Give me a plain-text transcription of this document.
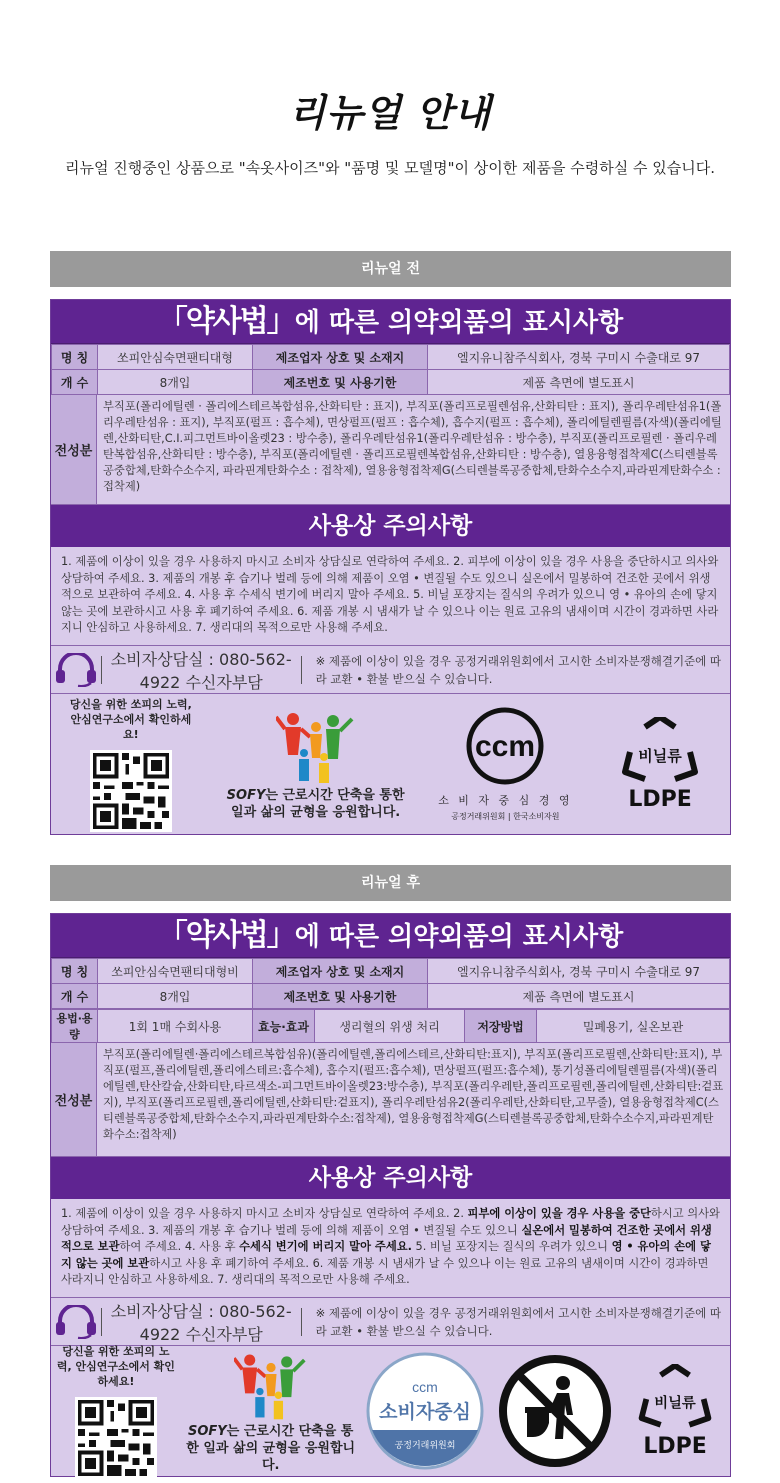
리뉴얼 안내
리뉴얼 진행중인 상품으로 "속옷사이즈"와 "품명 및 모델명"이 상이한 제품을 수령하실 수 있습니다.
리뉴얼 전
「약사법」에 따른 의약외품의 표시사항
명 칭	쏘피안심숙면팬티대형	제조업자 상호 및 소재지	엘지유니참주식회사, 경북 구미시 수출대로 97
개 수	8개입	제조번호 및 사용기한	제품 측면에 별도표시
전성분
부직포(폴리에틸렌 · 폴리에스테르복합섬유,산화티탄 : 표지), 부직포(폴리프로필렌섬유,산화티탄 : 표지), 폴리우레탄섬유1(폴리우레탄섬유 : 표지), 부직포(펄프 : 흡수체), 면상펄프(펄프 : 흡수체), 흡수지(펄프 : 흡수체), 폴리에틸렌필름(자색)(폴리에틸렌,산화티탄,C.I.피그먼트바이올렛23 : 방수층), 폴리우레탄섬유1(폴리우레탄섬유 : 방수층), 부직포(폴리프로필렌 · 폴리우레탄복합섬유,산화티탄 : 방수층), 부직포(폴리에틸렌 · 폴리프로필렌복합섬유,산화티탄 : 방수층), 열용융형접착제C(스티렌블록공중합체,탄화수소수지, 파라핀계탄화수소 : 접착제), 열용융형접착제G(스티렌블록공중합체,탄화수소수지,파라핀계탄화수소 : 접착제)
사용상 주의사항
1. 제품에 이상이 있을 경우 사용하지 마시고 소비자 상담실로 연락하여 주세요. 2. 피부에 이상이 있을 경우 사용을 중단하시고 의사와 상담하여 주세요. 3. 제품의 개봉 후 습기나 벌레 등에 의해 제품이 오염 • 변질될 수도 있으니 실온에서 밀봉하여 건조한 곳에서 위생적으로 보관하여 주세요. 4. 사용 후 수세식 변기에 버리지 말아 주세요. 5. 비닐 포장지는 질식의 우려가 있으니 영 • 유아의 손에 닿지 않는 곳에 보관하시고 사용 후 폐기하여 주세요. 6. 제품 개봉 시 냄새가 날 수 있으나 이는 원료 고유의 냄새이며 시간이 경과하면 사라지니 안심하고 사용하세요. 7. 생리대의 목적으로만 사용해 주세요.
소비자상담실 : 080-562-4922 수신자부담
※ 제품에 이상이 있을 경우 공정거래위원회에서 고시한 소비자분쟁해결기준에 따라 교환 • 환불 받으실 수 있습니다.
당신을 위한 쏘피의 노력, 안심연구소에서 확인하세요!
SOFY는 근로시간 단축을 통한 일과 삶의 균형을 응원합니다.
ccm
소 비 자 중 심 경 영
공정거래위원회 | 한국소비자원
비닐류
LDPE
리뉴얼 후
「약사법」에 따른 의약외품의 표시사항
명 칭	쏘피안심숙면팬티대형비	제조업자 상호 및 소재지	엘지유니참주식회사, 경북 구미시 수출대로 97
개 수	8개입	제조번호 및 사용기한	제품 측면에 별도표시
용법·용량	1회 1매 수회사용	효능·효과	생리혈의 위생 처리	저장방법	밀폐용기, 실온보관
전성분
부직포(폴리에틸렌·폴리에스테르복합섬유)(폴리에틸렌,폴리에스테르,산화티탄:표지), 부직포(폴리프로필렌,산화티탄:표지), 부직포(펄프,폴리에틸렌,폴리에스테르:흡수체), 흡수지(펄프:흡수체), 면상펄프(펄프:흡수체), 통기성폴리에틸렌필름(자색)(폴리에틸렌,탄산칼슘,산화티탄,타르색소-피그먼트바이올렛23:방수층), 부직포(폴리우레탄,폴리프로필렌,폴리에틸렌,산화티탄:겉표지), 부직포(폴리프로필렌,폴리에틸렌,산화티탄:겉표지), 폴리우레탄섬유2(폴리우레탄,산화티탄,고무줄), 열용융형접착제C(스티렌블록공중합체,탄화수소수지,파라핀계탄화수소:접착제), 열용융형접착제G(스티렌블록공중합체,탄화수소수지,파라핀계탄화수소:접착제)
사용상 주의사항
1. 제품에 이상이 있을 경우 사용하지 마시고 소비자 상담실로 연락하여 주세요. 2. 피부에 이상이 있을 경우 사용을 중단하시고 의사와 상담하여 주세요. 3. 제품의 개봉 후 습기나 벌레 등에 의해 제품이 오염 • 변질될 수도 있으니 실온에서 밀봉하여 건조한 곳에서 위생적으로 보관하여 주세요. 4. 사용 후 수세식 변기에 버리지 말아 주세요. 5. 비닐 포장지는 질식의 우려가 있으니 영 • 유아의 손에 닿지 않는 곳에 보관하시고 사용 후 폐기하여 주세요. 6. 제품 개봉 시 냄새가 날 수 있으나 이는 원료 고유의 냄새이며 시간이 경과하면 사라지니 안심하고 사용하세요. 7. 생리대의 목적으로만 사용해 주세요.
소비자상담실 : 080-562-4922 수신자부담
※ 제품에 이상이 있을 경우 공정거래위원회에서 고시한 소비자분쟁해결기준에 따라 교환 • 환불 받으실 수 있습니다.
당신을 위한 쏘피의 노력, 안심연구소에서 확인하세요!
SOFY는 근로시간 단축을 통한 일과 삶의 균형을 응원합니다.
ccm
소비자중심
공정거래위원회
비닐류
LDPE
